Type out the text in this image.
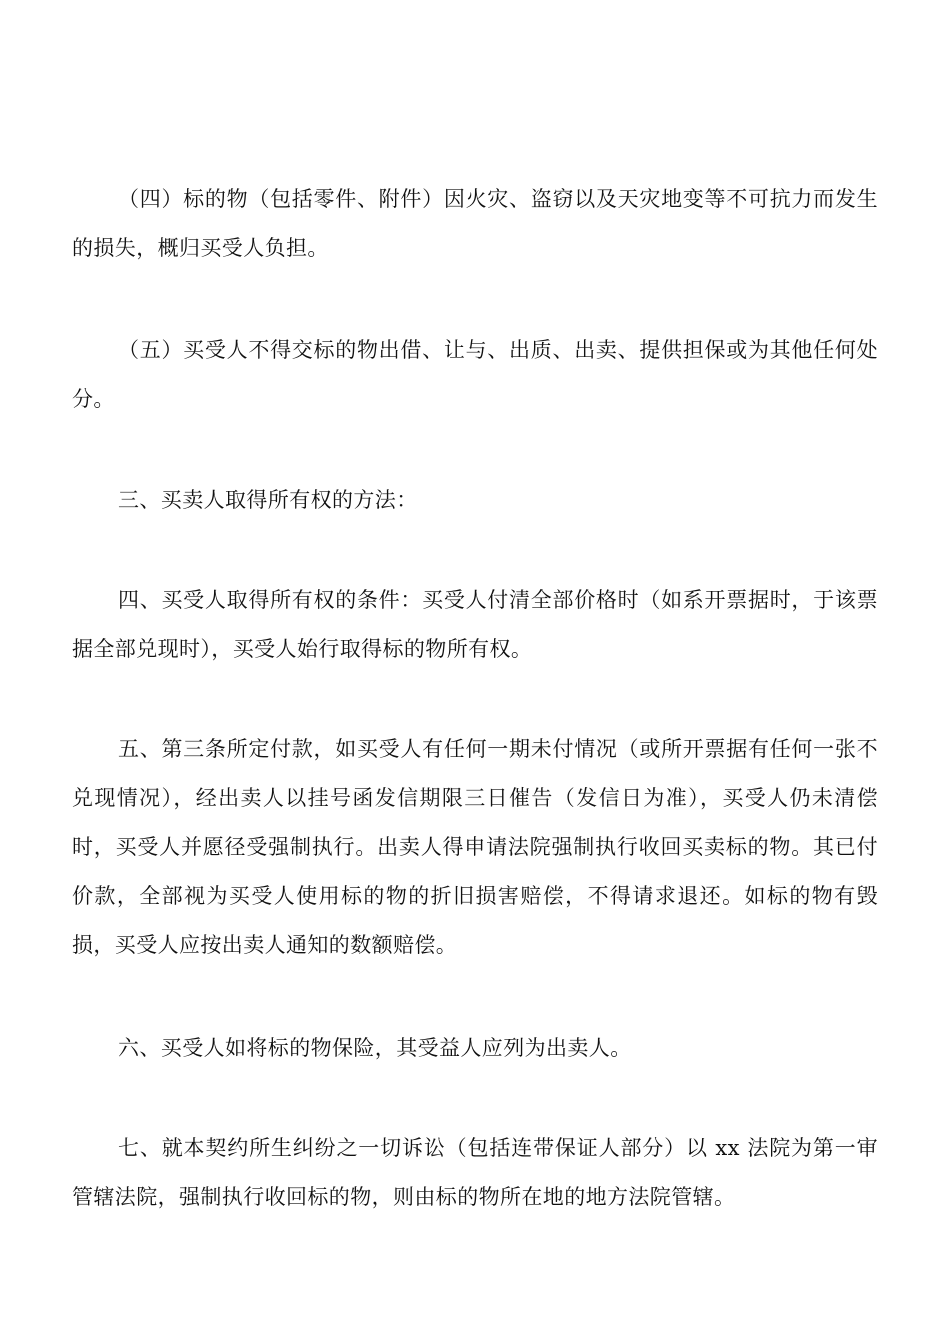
（四）标的物（包括零件、附件）因火灾、盗窃以及天灾地变等不可抗力而发生的损失，概归买受人负担。

（五）买受人不得交标的物出借、让与、出质、出卖、提供担保或为其他任何处分。

三、买卖人取得所有权的方法：

四、买受人取得所有权的条件：买受人付清全部价格时（如系开票据时，于该票据全部兑现时），买受人始行取得标的物所有权。

五、第三条所定付款，如买受人有任何一期未付情况（或所开票据有任何一张不兑现情况），经出卖人以挂号函发信期限三日催告（发信日为准），买受人仍未清偿时，买受人并愿径受强制执行。出卖人得申请法院强制执行收回买卖标的物。其已付价款，全部视为买受人使用标的物的折旧损害赔偿，不得请求退还。如标的物有毁损，买受人应按出卖人通知的数额赔偿。

六、买受人如将标的物保险，其受益人应列为出卖人。

七、就本契约所生纠纷之一切诉讼（包括连带保证人部分）以 xx 法院为第一审管辖法院，强制执行收回标的物，则由标的物所在地的地方法院管辖。
